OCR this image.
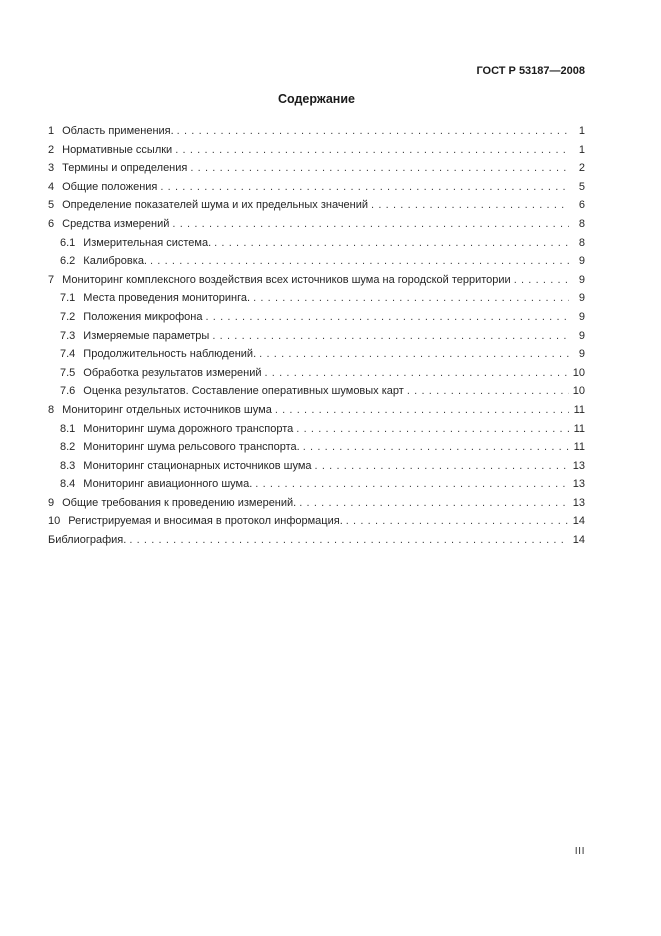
ГОСТ Р 53187—2008
Содержание
1 Область применения. . . .	1
2 Нормативные ссылки . . .	1
3 Термины и определения . . .	2
4 Общие положения . . .	5
5 Определение показателей шума и их предельных значений . . .	6
6 Средства измерений . . .	8
6.1 Измерительная система. . . .	8
6.2 Калибровка. . . .	9
7 Мониторинг комплексного воздействия всех источников шума на городской территории . . .	9
7.1 Места проведения мониторинга. . . .	9
7.2 Положения микрофона . . .	9
7.3 Измеряемые параметры . . .	9
7.4 Продолжительность наблюдений. . . .	9
7.5 Обработка результатов измерений . . .	10
7.6 Оценка результатов. Составление оперативных шумовых карт . . .	10
8 Мониторинг отдельных источников шума . . .	11
8.1 Мониторинг шума дорожного транспорта . . .	11
8.2 Мониторинг шума рельсового транспорта. . . .	11
8.3 Мониторинг стационарных источников шума . . .	13
8.4 Мониторинг авиационного шума. . . .	13
9 Общие требования к проведению измерений. . . .	13
10 Регистрируемая и вносимая в протокол информация. . . .	14
Библиография. . . .	14
III
